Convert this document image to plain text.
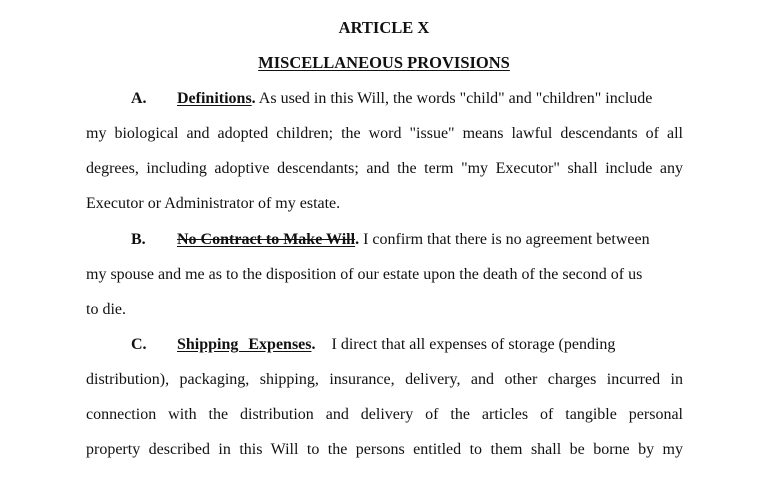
ARTICLE X

MISCELLANEOUS PROVISIONS

A. Definitions. As used in this Will, the words "child" and "children" include

my biological and adopted children; the word "issue" means lawful descendants of all

degrees, including adoptive descendants; and the term "my Executor" shall include any

Executor or Administrator of my estate.

B. No Contract to Make Will. I confirm that there is no agreement between

my spouse and me as to the disposition of our estate upon the death of the second of us

to die.

C. Shipping Expenses. I direct that all expenses of storage (pending

distribution), packaging, shipping, insurance, delivery, and other charges incurred in

connection with the distribution and delivery of the articles of tangible personal

property described in this Will to the persons entitled to them shall be borne by my
